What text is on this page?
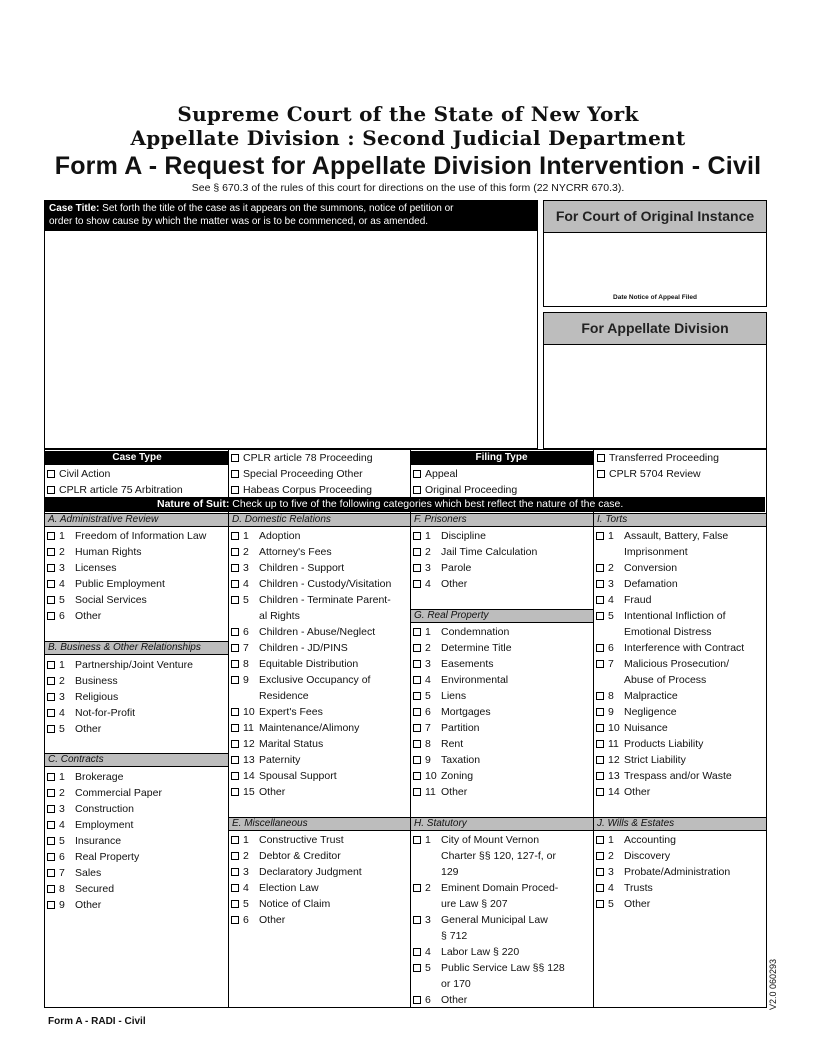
Supreme Court of the State of New York
Appellate Division : Second Judicial Department
Form A - Request for Appellate Division Intervention - Civil
See § 670.3 of the rules of this court for directions on the use of this form (22 NYCRR 670.3).
Case Title: Set forth the title of the case as it appears on the summons, notice of petition or
order to show cause by which the matter was or is to be commenced, or as amended.	For Court of Original Instance
Date Notice of Appeal Filed
For Appellate Division
Case Type	Filing Type
Civil Action
CPLR article 75 Arbitration
CPLR article 78 Proceeding
Special Proceeding Other
Habeas Corpus Proceeding
Appeal
Original Proceeding
Transferred Proceeding
CPLR 5704 Review
Nature of Suit: Check up to five of the following categories which best reflect the nature of the case.
A. Administrative Review
1 Freedom of Information Law
2 Human Rights
3 Licenses
4 Public Employment
5 Social Services
6 Other
B. Business & Other Relationships
1 Partnership/Joint Venture
2 Business
3 Religious
4 Not-for-Profit
5 Other
C. Contracts
1 Brokerage
2 Commercial Paper
3 Construction
4 Employment
5 Insurance
6 Real Property
7 Sales
8 Secured
9 Other
D. Domestic Relations
1 Adoption
2 Attorney's Fees
3 Children - Support
4 Children - Custody/Visitation
5 Children - Terminate Parent-
al Rights
6 Children - Abuse/Neglect
7 Children - JD/PINS
8 Equitable Distribution
9 Exclusive Occupancy of
Residence
10 Expert's Fees
11 Maintenance/Alimony
12 Marital Status
13 Paternity
14 Spousal Support
15 Other
E. Miscellaneous
1 Constructive Trust
2 Debtor & Creditor
3 Declaratory Judgment
4 Election Law
5 Notice of Claim
6 Other
F. Prisoners
1 Discipline
2 Jail Time Calculation
3 Parole
4 Other
G. Real Property
1 Condemnation
2 Determine Title
3 Easements
4 Environmental
5 Liens
6 Mortgages
7 Partition
8 Rent
9 Taxation
10 Zoning
11 Other
H. Statutory
1 City of Mount Vernon
Charter §§ 120, 127-f, or
129
2 Eminent Domain Proced-
ure Law § 207
3 General Municipal Law
§ 712
4 Labor Law § 220
5 Public Service Law §§ 128
or 170
6 Other
I. Torts
1 Assault, Battery, False
Imprisonment
2 Conversion
3 Defamation
4 Fraud
5 Intentional Infliction of
Emotional Distress
6 Interference with Contract
7 Malicious Prosecution/
Abuse of Process
8 Malpractice
9 Negligence
10 Nuisance
11 Products Liability
12 Strict Liability
13 Trespass and/or Waste
14 Other
J. Wills & Estates
1 Accounting
2 Discovery
3 Probate/Administration
4 Trusts
5 Other
Form A - RADI - Civil
V2.0 060293
